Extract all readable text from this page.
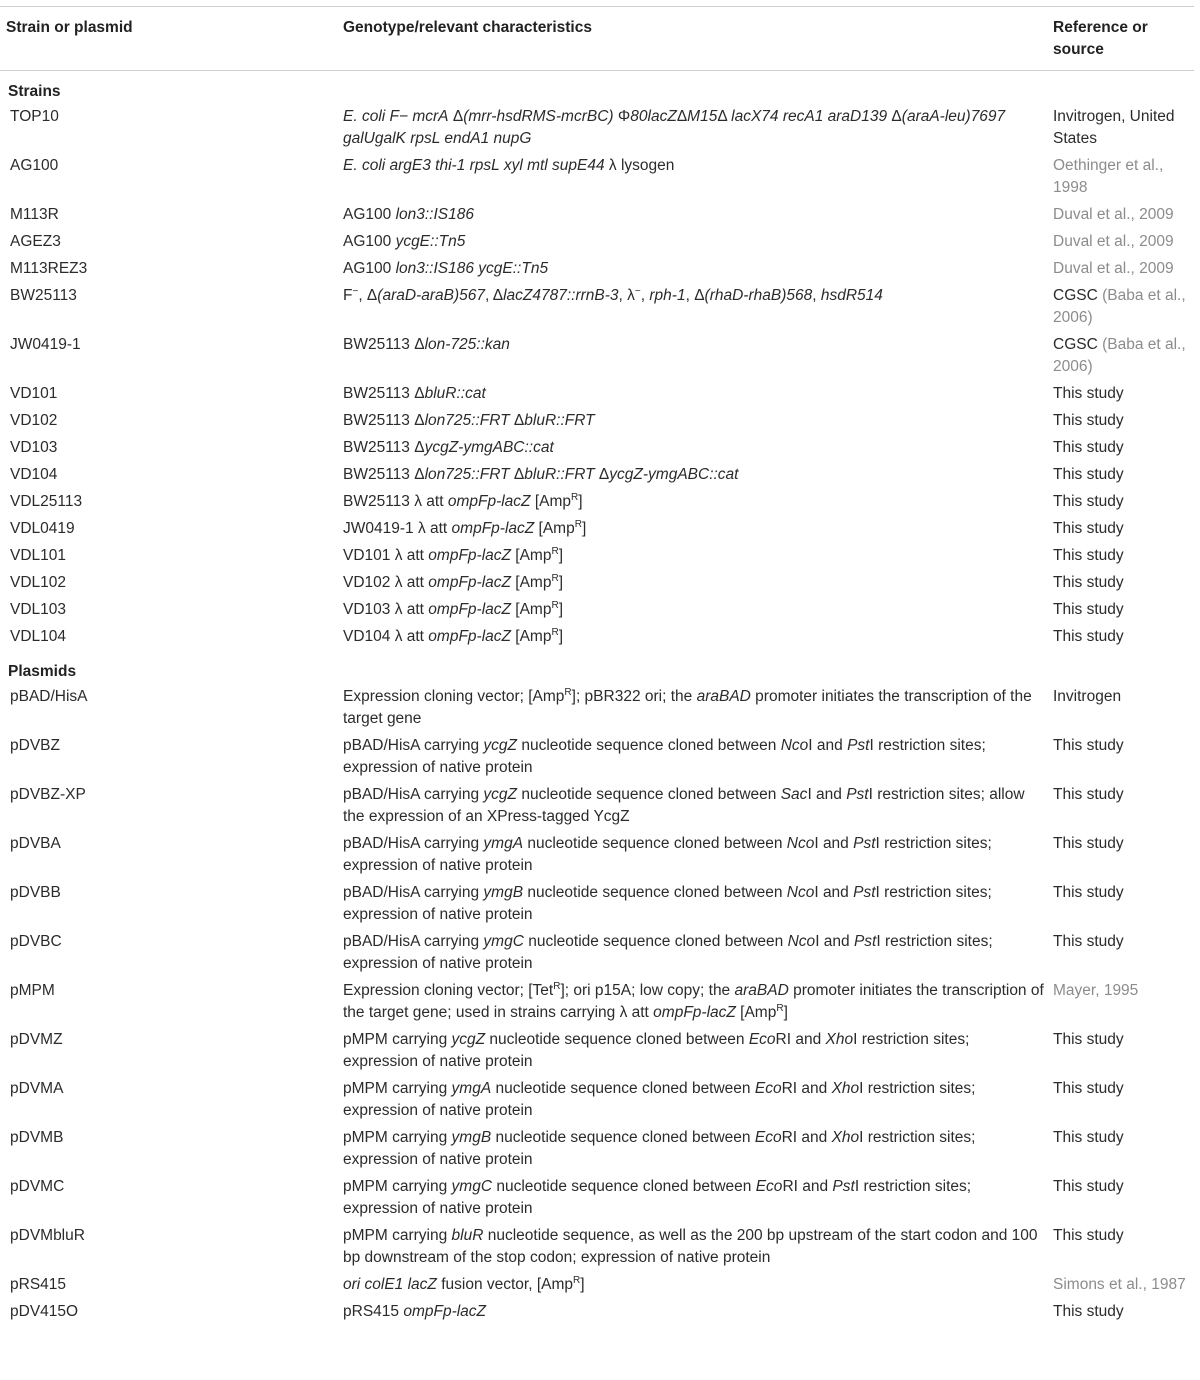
Strain or plasmid	Genotype/relevant characteristics	Reference or source
Strains		
TOP10	E. coli F− mcrA Δ(mrr-hsdRMS-mcrBC) Φ80lacZΔM15Δ lacX74 recA1 araD139 Δ(araA-leu)7697 galUgalK rpsL endA1 nupG	Invitrogen, United States
AG100	E. coli argE3 thi-1 rpsL xyl mtl supE44 λ lysogen	Oethinger et al., 1998
M113R	AG100 lon3::IS186	Duval et al., 2009
AGEZ3	AG100 ycgE::Tn5	Duval et al., 2009
M113REZ3	AG100 lon3::IS186 ycgE::Tn5	Duval et al., 2009
BW25113	F−, Δ(araD-araB)567, ΔlacZ4787::rrnB-3, λ−, rph-1, Δ(rhaD-rhaB)568, hsdR514	CGSC (Baba et al., 2006)
JW0419-1	BW25113 Δlon-725::kan	CGSC (Baba et al., 2006)
VD101	BW25113 ΔbluR::cat	This study
VD102	BW25113 Δlon725::FRT ΔbluR::FRT	This study
VD103	BW25113 ΔycgZ-ymgABC::cat	This study
VD104	BW25113 Δlon725::FRT ΔbluR::FRT ΔycgZ-ymgABC::cat	This study
VDL25113	BW25113 λ att ompFp-lacZ [Amp$^R$]	This study
VDL0419	JW0419-1 λ att ompFp-lacZ [Amp$^R$]	This study
VDL101	VD101 λ att ompFp-lacZ [Amp$^R$]	This study
VDL102	VD102 λ att ompFp-lacZ [Amp$^R$]	This study
VDL103	VD103 λ att ompFp-lacZ [Amp$^R$]	This study
VDL104	VD104 λ att ompFp-lacZ [Amp$^R$]	This study
Plasmids		
pBAD/HisA	Expression cloning vector; [Amp$^R$]; pBR322 ori; the araBAD promoter initiates the transcription of the target gene	Invitrogen
pDVBZ	pBAD/HisA carrying ycgZ nucleotide sequence cloned between NcoI and PstI restriction sites; expression of native protein	This study
pDVBZ-XP	pBAD/HisA carrying ycgZ nucleotide sequence cloned between SacI and PstI restriction sites; allow the expression of an XPress-tagged YcgZ	This study
pDVBA	pBAD/HisA carrying ymgA nucleotide sequence cloned between NcoI and PstI restriction sites; expression of native protein	This study
pDVBB	pBAD/HisA carrying ymgB nucleotide sequence cloned between NcoI and PstI restriction sites; expression of native protein	This study
pDVBC	pBAD/HisA carrying ymgC nucleotide sequence cloned between NcoI and PstI restriction sites; expression of native protein	This study
pMPM	Expression cloning vector; [Tet$^R$]; ori p15A; low copy; the araBAD promoter initiates the transcription of the target gene; used in strains carrying λ att ompFp-lacZ [Amp$^R$]	Mayer, 1995
pDVMZ	pMPM carrying ycgZ nucleotide sequence cloned between EcoRI and XhoI restriction sites; expression of native protein	This study
pDVMA	pMPM carrying ymgA nucleotide sequence cloned between EcoRI and XhoI restriction sites; expression of native protein	This study
pDVMB	pMPM carrying ymgB nucleotide sequence cloned between EcoRI and XhoI restriction sites; expression of native protein	This study
pDVMC	pMPM carrying ymgC nucleotide sequence cloned between EcoRI and PstI restriction sites; expression of native protein	This study
pDVMbluR	pMPM carrying bluR nucleotide sequence, as well as the 200 bp upstream of the start codon and 100 bp downstream of the stop codon; expression of native protein	This study
pRS415	ori colE1 lacZ fusion vector, [Amp$^R$]	Simons et al., 1987
pDV415O	pRS415 ompFp-lacZ	This study
